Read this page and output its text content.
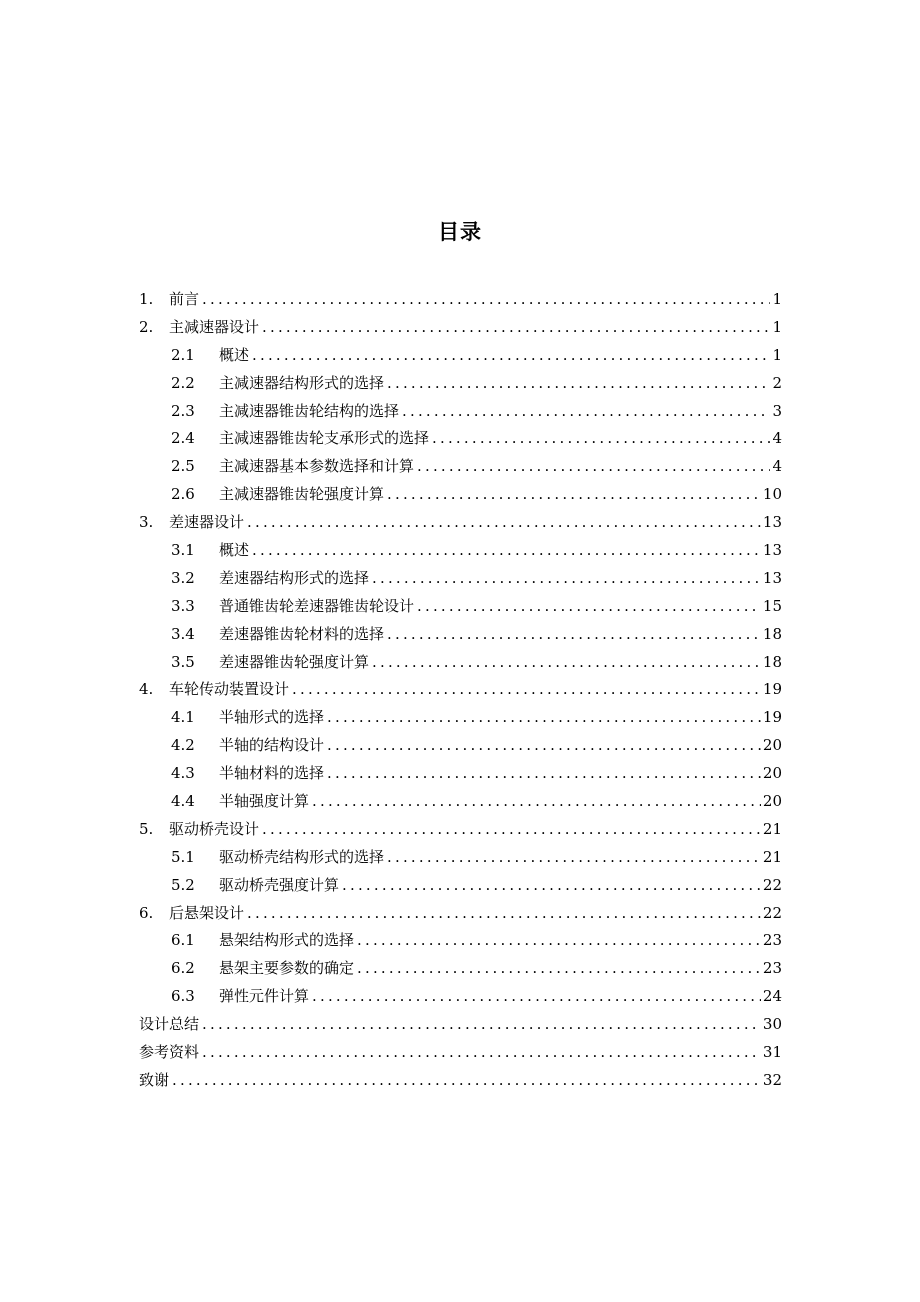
目录
1.	前言 .....	1
2.	主减速器设计 .....	1
2.1	概述 .....	1
2.2	主减速器结构形式的选择 .....	2
2.3	主减速器锥齿轮结构的选择 .....	3
2.4	主减速器锥齿轮支承形式的选择 .....	4
2.5	主减速器基本参数选择和计算 .....	4
2.6	主减速器锥齿轮强度计算 .....	10
3.	差速器设计 .....	13
3.1	概述 .....	13
3.2	差速器结构形式的选择 .....	13
3.3	普通锥齿轮差速器锥齿轮设计 .....	15
3.4	差速器锥齿轮材料的选择 .....	18
3.5	差速器锥齿轮强度计算 .....	18
4.	车轮传动装置设计 .....	19
4.1	半轴形式的选择 .....	19
4.2	半轴的结构设计 .....	20
4.3	半轴材料的选择 .....	20
4.4	半轴强度计算 .....	20
5.	驱动桥壳设计 .....	21
5.1	驱动桥壳结构形式的选择 .....	21
5.2	驱动桥壳强度计算 .....	22
6.	后悬架设计 .....	22
6.1	悬架结构形式的选择 .....	23
6.2	悬架主要参数的确定 .....	23
6.3	弹性元件计算 .....	24
设计总结 .....	30
参考资料 .....	31
致谢 .....	32
